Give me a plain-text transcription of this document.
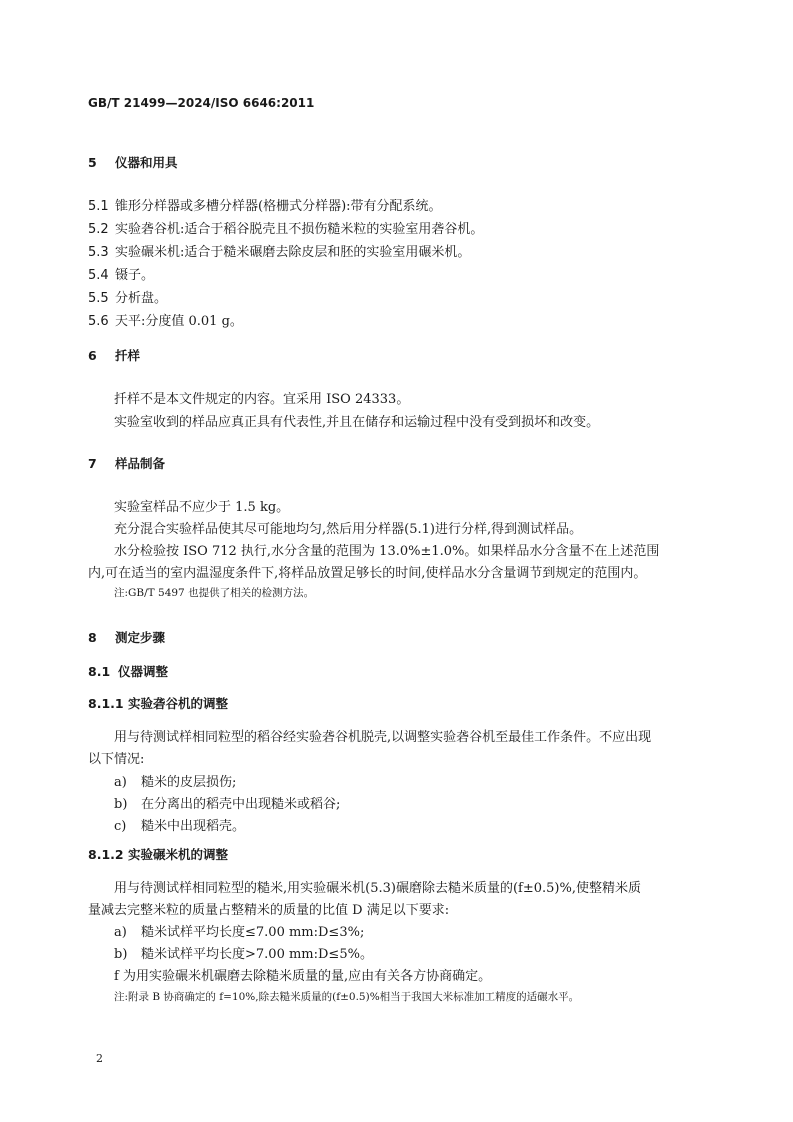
GB/T 21499—2024/ISO 6646:2011
5 仪器和用具
5.1 锥形分样器或多槽分样器(格栅式分样器):带有分配系统。
5.2 实验砻谷机:适合于稻谷脱壳且不损伤糙米粒的实验室用砻谷机。
5.3 实验碾米机:适合于糙米碾磨去除皮层和胚的实验室用碾米机。
5.4 镊子。
5.5 分析盘。
5.6 天平:分度值 0.01 g。
6 扦样
扦样不是本文件规定的内容。宜采用 ISO 24333。
实验室收到的样品应真正具有代表性,并且在储存和运输过程中没有受到损坏和改变。
7 样品制备
实验室样品不应少于 1.5 kg。
充分混合实验样品使其尽可能地均匀,然后用分样器(5.1)进行分样,得到测试样品。
水分检验按 ISO 712 执行,水分含量的范围为 13.0%±1.0%。如果样品水分含量不在上述范围
内,可在适当的室内温湿度条件下,将样品放置足够长的时间,使样品水分含量调节到规定的范围内。
注:GB/T 5497 也提供了相关的检测方法。
8 测定步骤
8.1 仪器调整
8.1.1 实验砻谷机的调整
用与待测试样相同粒型的稻谷经实验砻谷机脱壳,以调整实验砻谷机至最佳工作条件。不应出现
以下情况:
a) 糙米的皮层损伤;
b) 在分离出的稻壳中出现糙米或稻谷;
c) 糙米中出现稻壳。
8.1.2 实验碾米机的调整
用与待测试样相同粒型的糙米,用实验碾米机(5.3)碾磨除去糙米质量的(f±0.5)%,使整精米质
量减去完整米粒的质量占整精米的质量的比值 D 满足以下要求:
a) 糙米试样平均长度≤7.00 mm:D≤3%;
b) 糙米试样平均长度>7.00 mm:D≤5%。
f 为用实验碾米机碾磨去除糙米质量的量,应由有关各方协商确定。
注:附录 B 协商确定的 f=10%,除去糙米质量的(f±0.5)%相当于我国大米标准加工精度的适碾水平。
2
